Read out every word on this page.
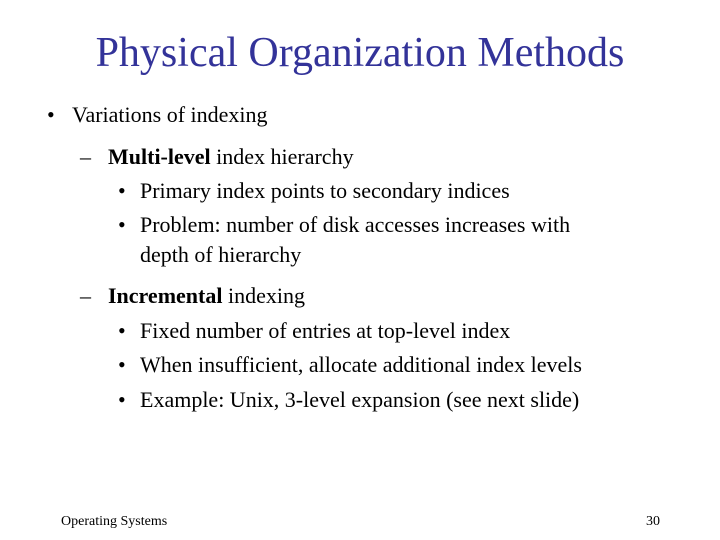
Physical Organization Methods
• Variations of indexing
– Multi-level index hierarchy
• Primary index points to secondary indices
• Problem: number of disk accesses increases with
depth of hierarchy
– Incremental indexing
• Fixed number of entries at top-level index
• When insufficient, allocate additional index levels
• Example: Unix, 3-level expansion (see next slide)
Operating Systems	30
